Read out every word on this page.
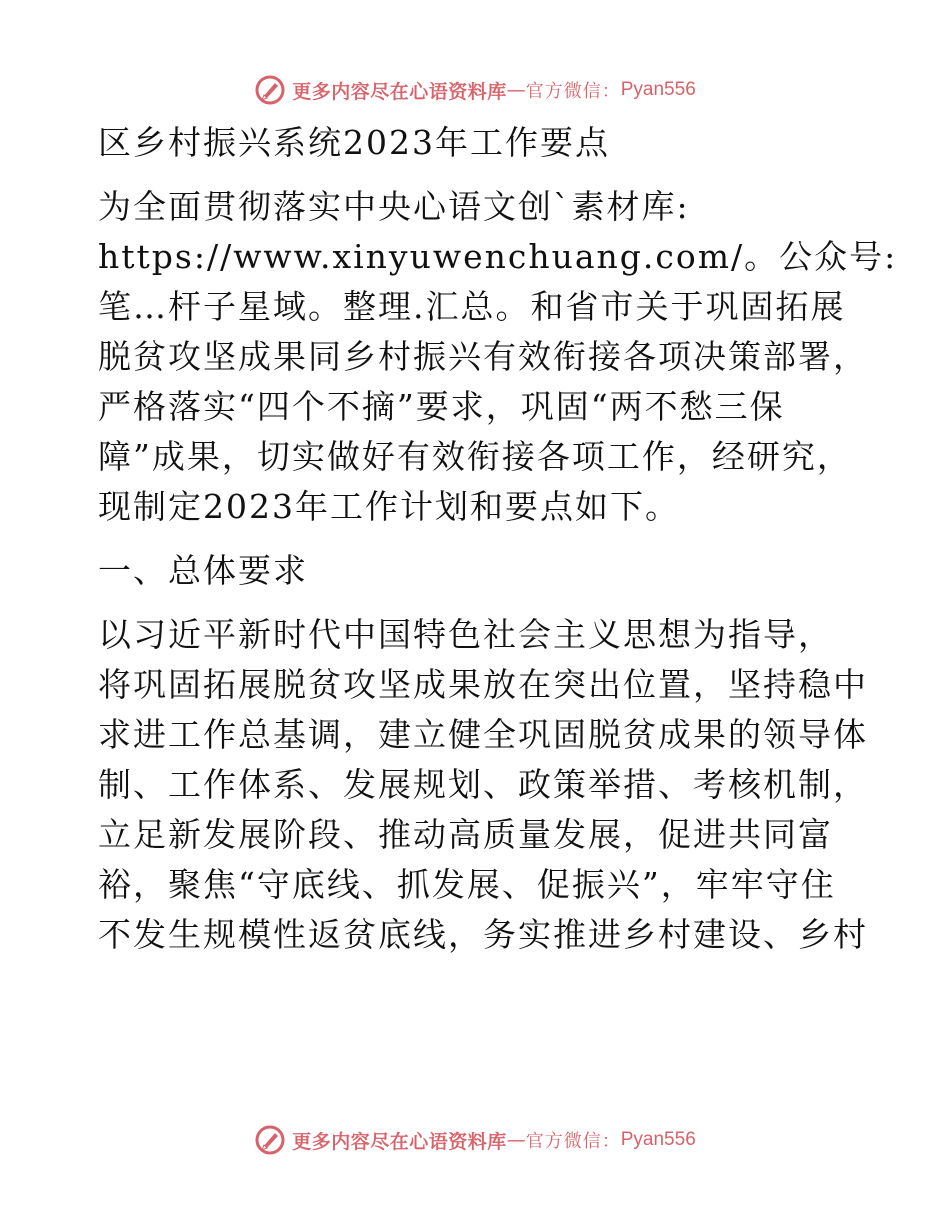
更多内容尽在心语资料库 — 官方微信： Pyan556
区乡村振兴系统2023年工作要点
为全面贯彻落实中央心语文创`素材库:
https://www.xinyuwenchuang.com/。公众号:
笔…杆子星域。整理.汇总。和省市关于巩固拓展
脱贫攻坚成果同乡村振兴有效衔接各项决策部署，
严格落实“四个不摘”要求，巩固“两不愁三保
障”成果，切实做好有效衔接各项工作，经研究，
现制定2023年工作计划和要点如下。
一、总体要求
以习近平新时代中国特色社会主义思想为指导，
将巩固拓展脱贫攻坚成果放在突出位置，坚持稳中
求进工作总基调，建立健全巩固脱贫成果的领导体
制、工作体系、发展规划、政策举措、考核机制，
立足新发展阶段、推动高质量发展，促进共同富
裕，聚焦“守底线、抓发展、促振兴”，牢牢守住
不发生规模性返贫底线，务实推进乡村建设、乡村
更多内容尽在心语资料库 — 官方微信： Pyan556
